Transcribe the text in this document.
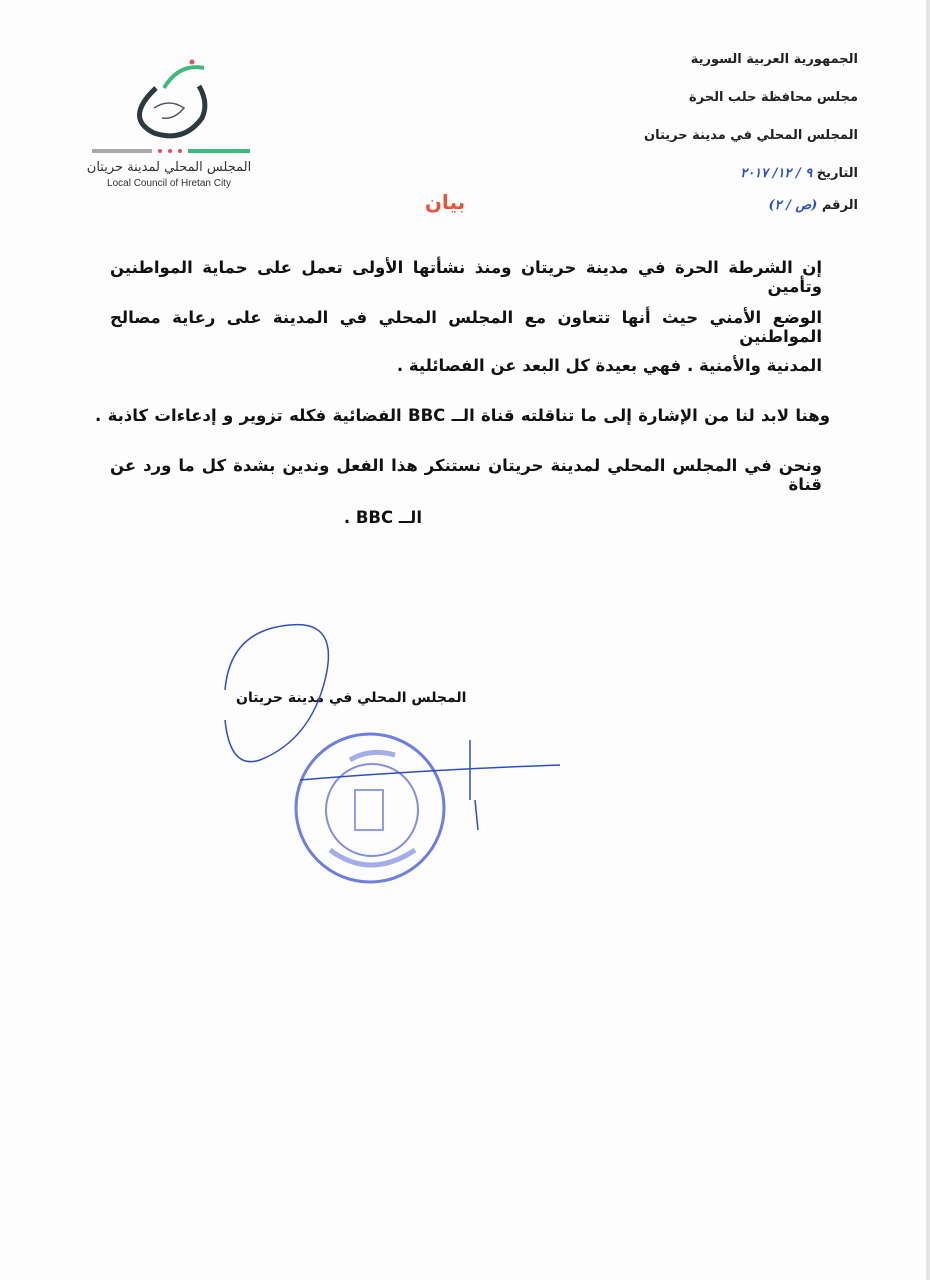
المجلس المحلي لمدينة حريتان
Local Council of Hretan City
الجمهورية العربية السورية
مجلس محافظة حلب الحرة
المجلس المحلي في مدينة حريتان
التاريخ ٩ / ١٢/ ٢٠١٧
الرقم (ص / ٢)
بيان
إن الشرطة الحرة في مدينة حريتان ومنذ نشأتها الأولى تعمل على حماية المواطنين وتأمين
الوضع الأمني حيث أنها تتعاون مع المجلس المحلي في المدينة على رعاية مصالح المواطنين
المدنية والأمنية . فهي بعيدة كل البعد عن الفصائلية .
وهنا لابد لنا من الإشارة إلى ما تناقلته قناة الــ BBC الفضائية فكله تزوير و إدعاءات كاذبة .
ونحن في المجلس المحلي لمدينة حريتان نستنكر هذا الفعل وندين بشدة كل ما ورد عن قناة
الــ BBC .
المجلس المحلي في مدينة حريتان
